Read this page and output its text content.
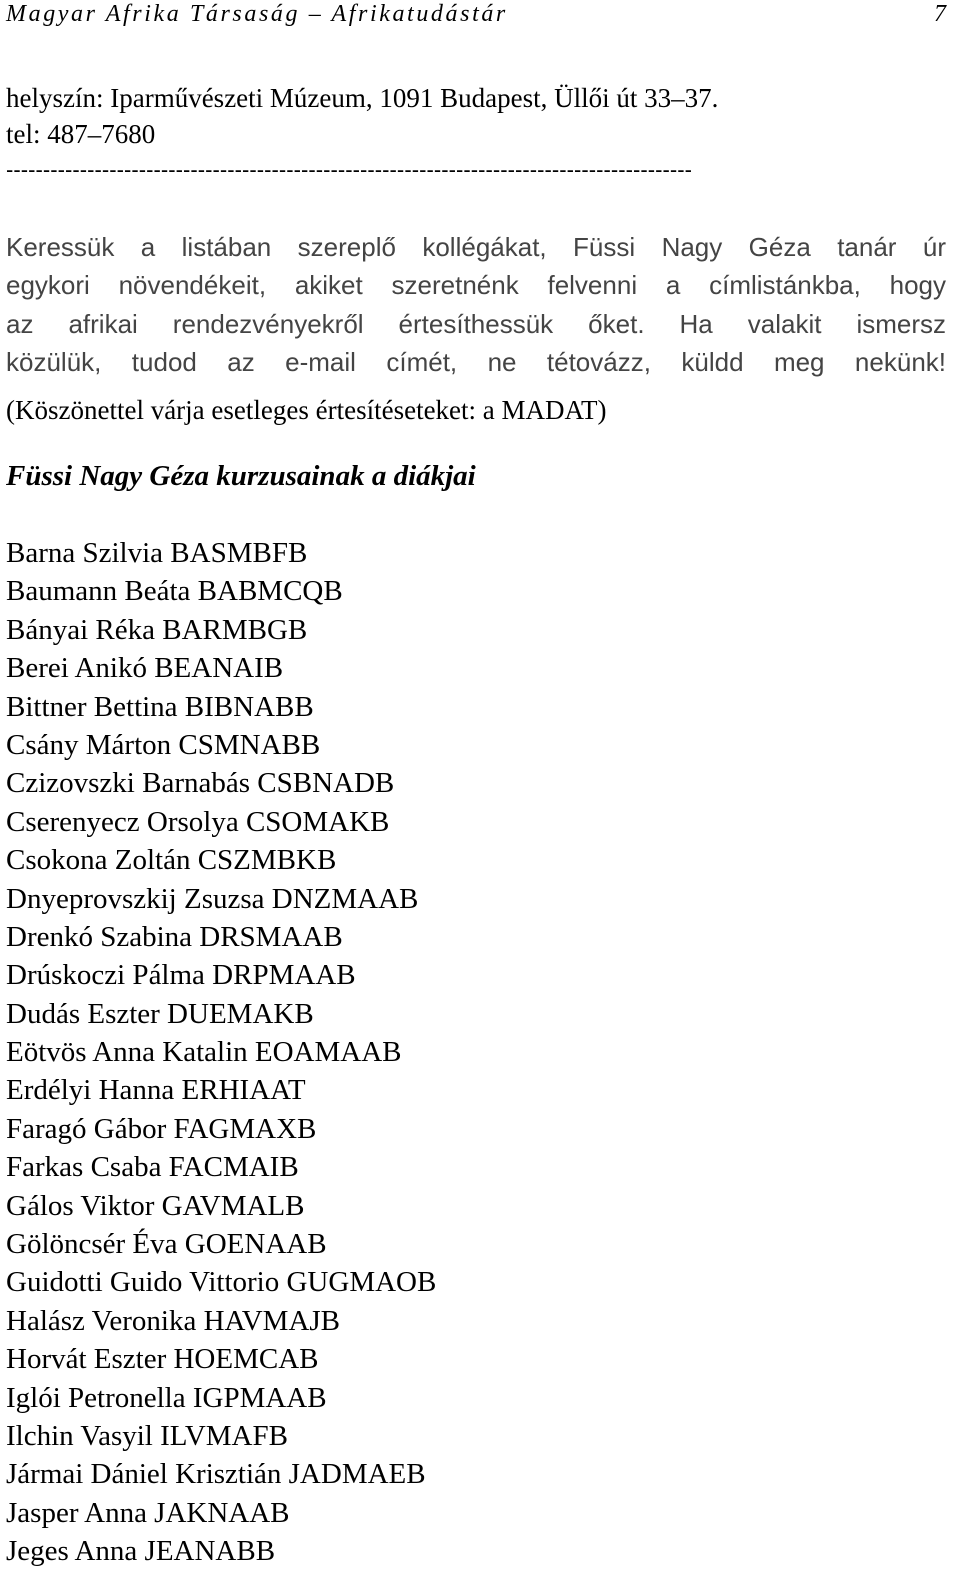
Magyar Afrika Társaság – Afrikatudástár	7
helyszín: Iparművészeti Múzeum, 1091 Budapest, Üllői út 33–37.
tel: 487–7680
---------------------------------------------------------------------------------------------
Keressük a listában szereplő kollégákat, Füssi Nagy Géza tanár úr
egykori növendékeit, akiket szeretnénk felvenni a címlistánkba, hogy
az afrikai rendezvényekről értesíthessük őket. Ha valakit ismersz
közülük, tudod az e-mail címét, ne tétovázz, küldd meg nekünk!
(Köszönettel várja esetleges értesítéseteket: a MADAT)
Füssi Nagy Géza kurzusainak a diákjai
Barna Szilvia BASMBFB
Baumann Beáta BABMCQB
Bányai Réka BARMBGB
Berei Anikó BEANAIB
Bittner Bettina BIBNABB
Csány Márton CSMNABB
Czizovszki Barnabás CSBNADB
Cserenyecz Orsolya CSOMAKB
Csokona Zoltán CSZMBKB
Dnyeprovszkij Zsuzsa DNZMAAB
Drenkó Szabina DRSMAAB
Drúskoczi Pálma DRPMAAB
Dudás Eszter DUEMAKB
Eötvös Anna Katalin EOAMAAB
Erdélyi Hanna ERHIAAT
Faragó Gábor FAGMAXB
Farkas Csaba FACMAIB
Gálos Viktor GAVMALB
Gölöncsér Éva GOENAAB
Guidotti Guido Vittorio GUGMAOB
Halász Veronika HAVMAJB
Horvát Eszter HOEMCAB
Iglói Petronella IGPMAAB
Ilchin Vasyil ILVMAFB
Jármai Dániel Krisztián JADMAEB
Jasper Anna JAKNAAB
Jeges Anna JEANABB
